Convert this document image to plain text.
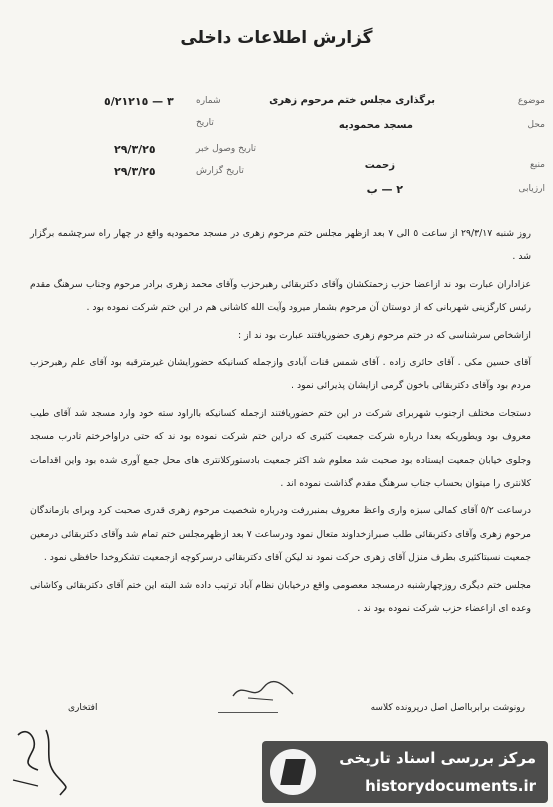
گزارش اطلاعات داخلی
موضوع
برگذاری مجلس ختم مرحوم زهری
محل
مسجد محمودیه
منبع
زحمت
ارزیابی
٢ — ب
شماره
٣ — ٥/٢١٢١٥
تاریخ
تاریخ وصول خبر
٢٩/٣/٢٥
تاریخ گزارش
٢٩/٣/٢٥

روز شنبه ٢٩/٣/١٧ از ساعت ٥ الی ٧ بعد ازظهر مجلس ختم مرحوم زهری در مسجد محمودیه واقع در چهار راه سرچشمه برگزار شد .

عزاداران عبارت بود ند ازاعضا حزب زحمتکشان وآقای دکتربقائی رهبرحزب وآقای محمد زهری برادر مرحوم وجناب سرهنگ مقدم رئیس کارگزینی شهربانی که از دوستان آن مرحوم بشمار میرود وآیت الله کاشانی هم در این ختم شرکت نموده بود .

ازاشخاص سرشناسی که در ختم مرحوم زهری حضوریافتند عبارت بود ند از :

آقای حسین مکی . آقای حائری زاده . آقای شمس قنات آبادی وازجمله کسانیکه حضورایشان غیرمترقبه بود آقای علم رهبرحزب مردم بود وآقای دکتربقائی باخون گرمی ازایشان پذیرائی نمود .

دستجات مختلف ازجنوب شهربرای شرکت در این ختم حضوریافتند ازجمله کسانیکه بااراود سته خود وارد مسجد شد آقای طیب معروف بود ویطوریکه بعدا درباره شرکت جمعیت کثیری که دراین ختم شرکت نموده بود ند که حتی دراواخرختم تادرب مسجد وجلوی خیابان جمعیت ایستاده بود صحبت شد معلوم شد اکثر جمعیت بادستورکلانتری های محل جمع آوری شده بود واین اقدامات کلانتری را میتوان بحساب جناب سرهنگ مقدم گذاشت نموده اند .

درساعت ٥/٢ آقای کمالی سبزه واری واعظ معروف بمنبررفت ودرباره شخصیت مرحوم زهری قدری صحبت کرد وبرای بازماندگان مرحوم زهری وآقای دکتربقائی طلب صبرازخداوند متعال نمود ودرساعت ٧ بعد ازظهرمجلس ختم تمام شد وآقای دکتربقائی درمعین جمعیت نسبتاکثیری بطرف منزل آقای زهری حرکت نمود ند لیکن آقای دکتربقائی درسرکوچه ازجمعیت تشکروخدا حافظی نمود .

مجلس ختم دیگری روزچهارشنبه درمسجد معصومی واقع درخیابان نظام آباد ترتیب داده شد البته این ختم آقای دکتربقائی وکاشانی وعده ای ازاعضاء حزب شرکت نموده بود ند .

رونوشت برابربااصل اصل درپرونده کلاسه
افتخاری
مرکز بررسی اسناد تاریخی
historydocuments.ir
